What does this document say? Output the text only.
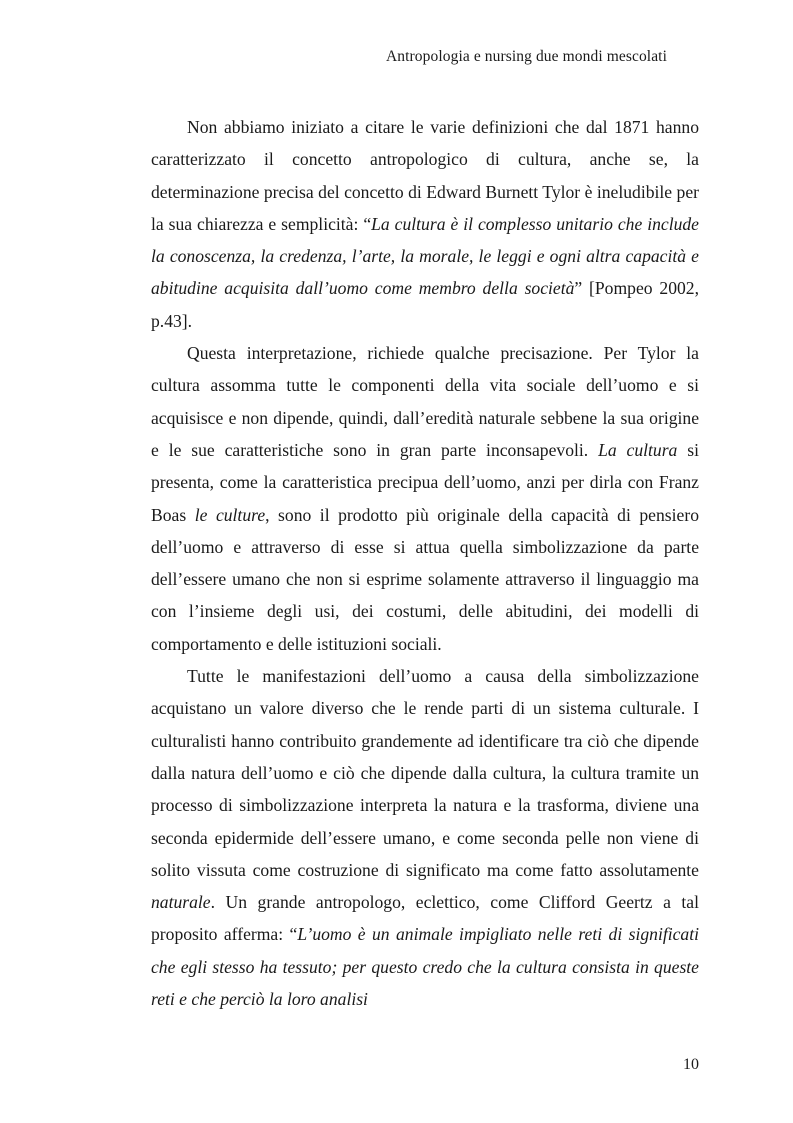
Antropologia e nursing due mondi mescolati

Non abbiamo iniziato a citare le varie definizioni che dal 1871 hanno caratterizzato il concetto antropologico di cultura, anche se, la determinazione precisa del concetto di Edward Burnett Tylor è ineludibile per la sua chiarezza e semplicità: “La cultura è il complesso unitario che include la conoscenza, la credenza, l’arte, la morale, le leggi e ogni altra capacità e abitudine acquisita dall’uomo come membro della società” [Pompeo 2002, p.43].

Questa interpretazione, richiede qualche precisazione. Per Tylor la cultura assomma tutte le componenti della vita sociale dell’uomo e si acquisisce e non dipende, quindi, dall’eredità naturale sebbene la sua origine e le sue caratteristiche sono in gran parte inconsapevoli. La cultura si presenta, come la caratteristica precipua dell’uomo, anzi per dirla con Franz Boas le culture, sono il prodotto più originale della capacità di pensiero dell’uomo e attraverso di esse si attua quella simbolizzazione da parte dell’essere umano che non si esprime solamente attraverso il linguaggio ma con l’insieme degli usi, dei costumi, delle abitudini, dei modelli di comportamento e delle istituzioni sociali.

Tutte le manifestazioni dell’uomo a causa della simbolizzazione acquistano un valore diverso che le rende parti di un sistema culturale. I culturalisti hanno contribuito grandemente ad identificare tra ciò che dipende dalla natura dell’uomo e ciò che dipende dalla cultura, la cultura tramite un processo di simbolizzazione interpreta la natura e la trasforma, diviene una seconda epidermide dell’essere umano, e come seconda pelle non viene di solito vissuta come costruzione di significato ma come fatto assolutamente naturale. Un grande antropologo, eclettico, come Clifford Geertz a tal proposito afferma: “L’uomo è un animale impigliato nelle reti di significati che egli stesso ha tessuto; per questo credo che la cultura consista in queste reti e che perciò la loro analisi

10
